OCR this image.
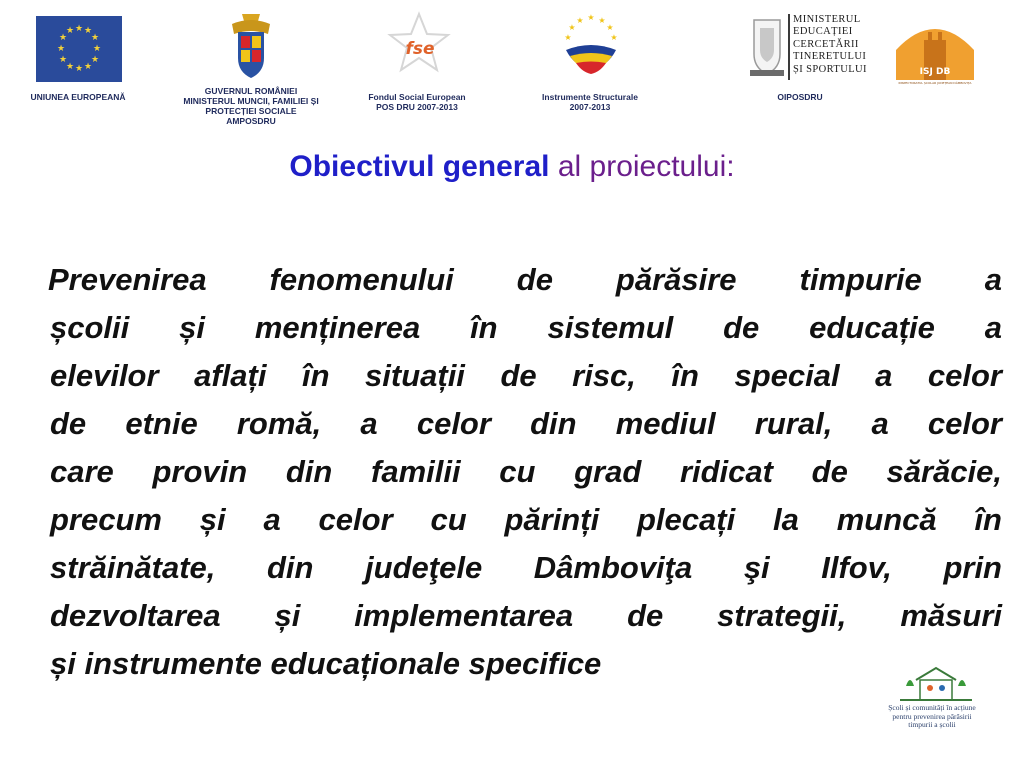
★ ★
★
★
★
★
★
★
★
★
★
★
UNIUNEA EUROPEANĂ
GUVERNUL ROMÂNIEI
MINISTERUL MUNCII, FAMILIEI ȘI
PROTECȚIEI SOCIALE
AMPOSDRU
fse
Fondul Social European
POS DRU 2007-2013
★ ★
★
★
★
★	★
Instrumente Structurale
2007-2013
MINISTERUL
EDUCAȚIEI
CERCETĂRII
TINERETULUI
ȘI SPORTULUI
OIPOSDRU
ISJ DB
INSPECTORATUL ȘCOLAR JUDEȚEAN DÂMBOVIȚA
Obiectivul general al proiectului:
Prevenirea fenomenului de părăsire timpurie a
școlii și menținerea în sistemul de educație a
elevilor aflați în situații de risc, în special a celor
de etnie romă, a celor din mediul rural, a celor
care provin din familii cu grad ridicat de sărăcie,
precum și a celor cu părinți plecați la muncă în
străinătate, din judeţele Dâmboviţa şi Ilfov, prin
dezvoltarea și implementarea de strategii, măsuri
și instrumente educaționale specifice
Școli și comunități în acțiune
pentru prevenirea părăsirii
timpurii a școlii
